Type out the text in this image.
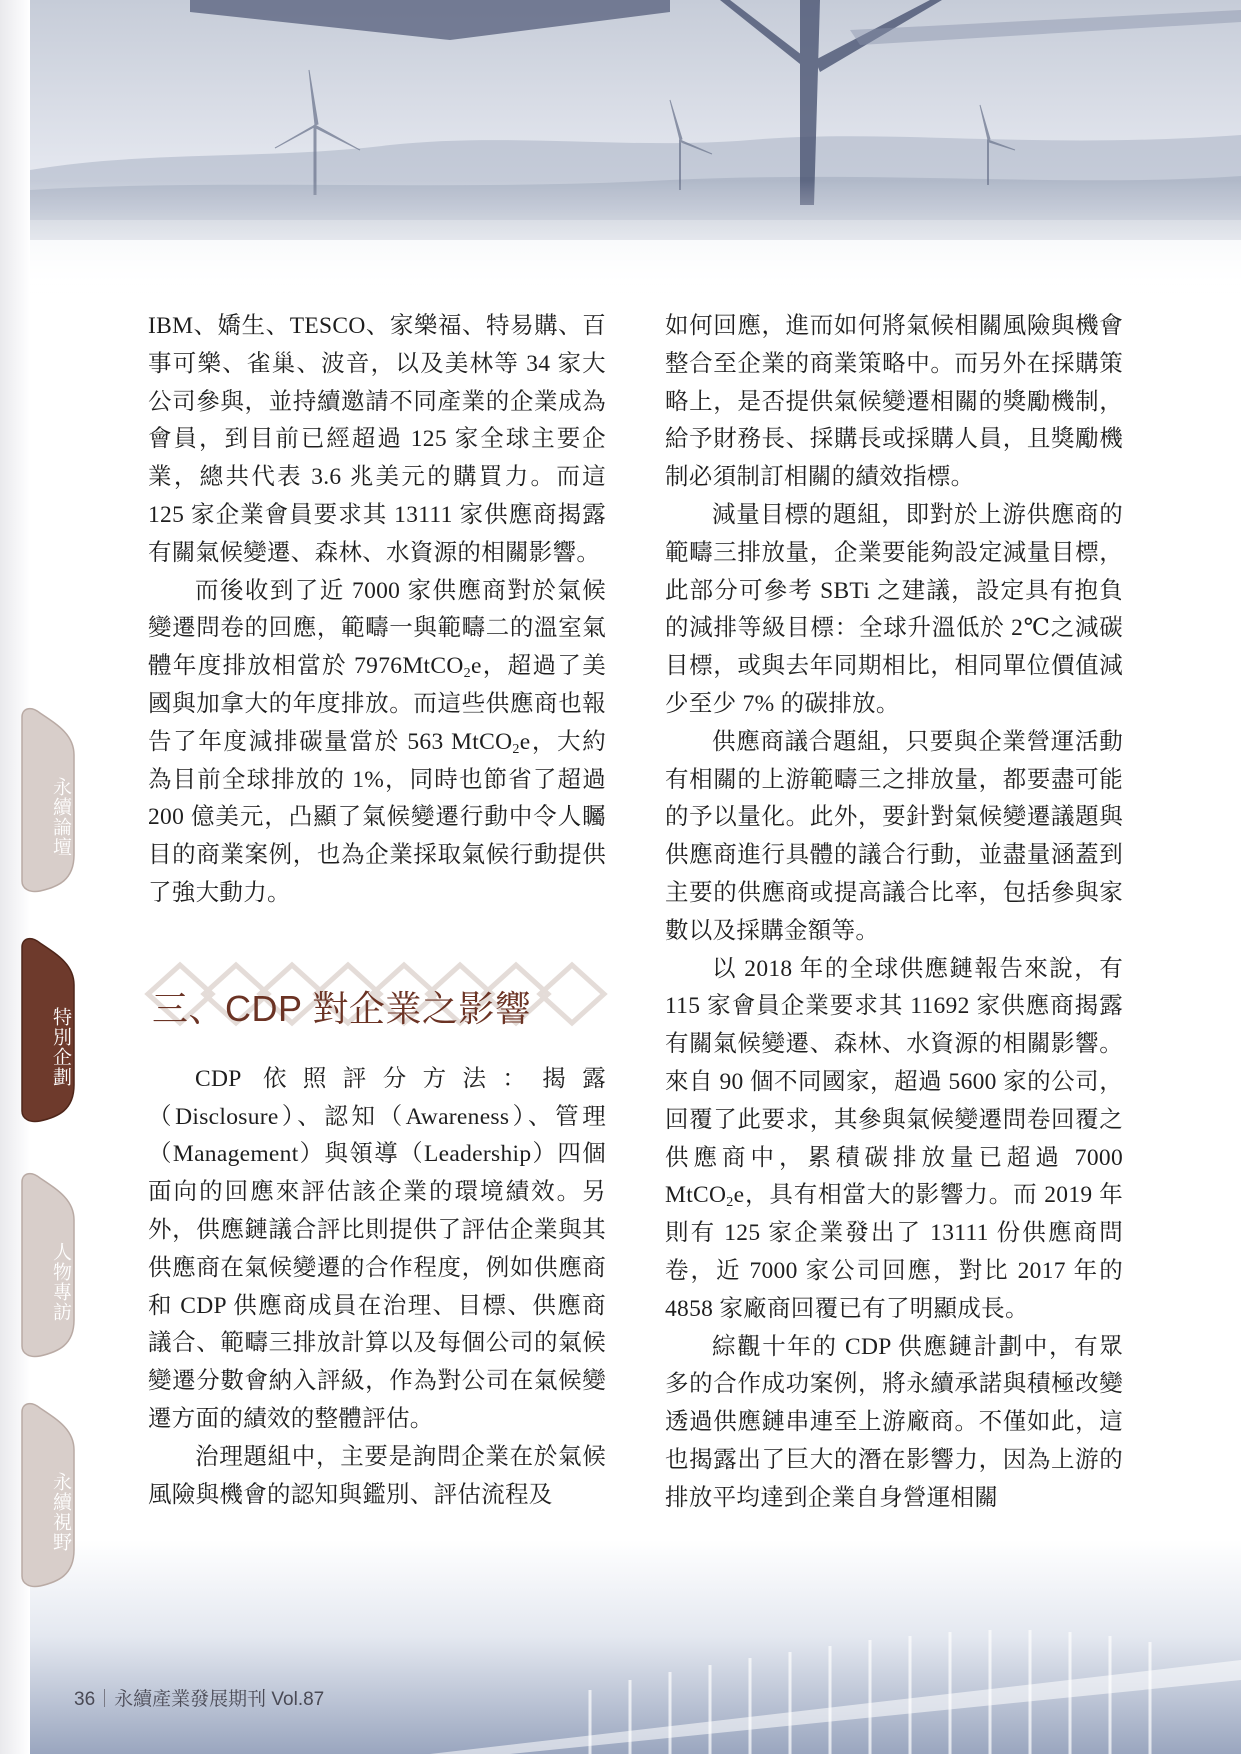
永續論壇
特別企劃
人物專訪
永續視野

IBM、嬌生、TESCO、家樂福、特易購、百事可樂、雀巢、波音，以及美林等 34 家大公司參與，並持續邀請不同產業的企業成為會員，到目前已經超過 125 家全球主要企業，總共代表 3.6 兆美元的購買力。而這 125 家企業會員要求其 13111 家供應商揭露有關氣候變遷、森林、水資源的相關影響。

而後收到了近 7000 家供應商對於氣候變遷問卷的回應，範疇一與範疇二的溫室氣體年度排放相當於 7976MtCO$_2$e，超過了美國與加拿大的年度排放。而這些供應商也報告了年度減排碳量當於 563 MtCO$_2$e，大約為目前全球排放的 1%，同時也節省了超過 200 億美元，凸顯了氣候變遷行動中令人矚目的商業案例，也為企業採取氣候行動提供了強大動力。

三、CDP 對企業之影響

CDP 依照評分方法：揭露（Disclosure）、認知（Awareness）、管理（Management）與領導（Leadership）四個面向的回應來評估該企業的環境績效。另外，供應鏈議合評比則提供了評估企業與其供應商在氣候變遷的合作程度，例如供應商和 CDP 供應商成員在治理、目標、供應商議合、範疇三排放計算以及每個公司的氣候變遷分數會納入評級，作為對公司在氣候變遷方面的績效的整體評估。

治理題組中，主要是詢問企業在於氣候風險與機會的認知與鑑別、評估流程及

如何回應，進而如何將氣候相關風險與機會整合至企業的商業策略中。而另外在採購策略上，是否提供氣候變遷相關的獎勵機制，給予財務長、採購長或採購人員，且獎勵機制必須制訂相關的績效指標。

減量目標的題組，即對於上游供應商的範疇三排放量，企業要能夠設定減量目標，此部分可參考 SBTi 之建議，設定具有抱負的減排等級目標：全球升溫低於 2℃之減碳目標，或與去年同期相比，相同單位價值減少至少 7% 的碳排放。

供應商議合題組，只要與企業營運活動有相關的上游範疇三之排放量，都要盡可能的予以量化。此外，要針對氣候變遷議題與供應商進行具體的議合行動，並盡量涵蓋到主要的供應商或提高議合比率，包括參與家數以及採購金額等。

以 2018 年的全球供應鏈報告來說，有 115 家會員企業要求其 11692 家供應商揭露有關氣候變遷、森林、水資源的相關影響。來自 90 個不同國家，超過 5600 家的公司，回覆了此要求，其參與氣候變遷問卷回覆之供應商中，累積碳排放量已超過 7000 MtCO$_2$e，具有相當大的影響力。而 2019 年則有 125 家企業發出了 13111 份供應商問卷，近 7000 家公司回應，對比 2017 年的 4858 家廠商回覆已有了明顯成長。

綜觀十年的 CDP 供應鏈計劃中，有眾多的合作成功案例，將永續承諾與積極改變透過供應鏈串連至上游廠商。不僅如此，這也揭露出了巨大的潛在影響力，因為上游的排放平均達到企業自身營運相關

36 永續產業發展期刊 Vol.87
